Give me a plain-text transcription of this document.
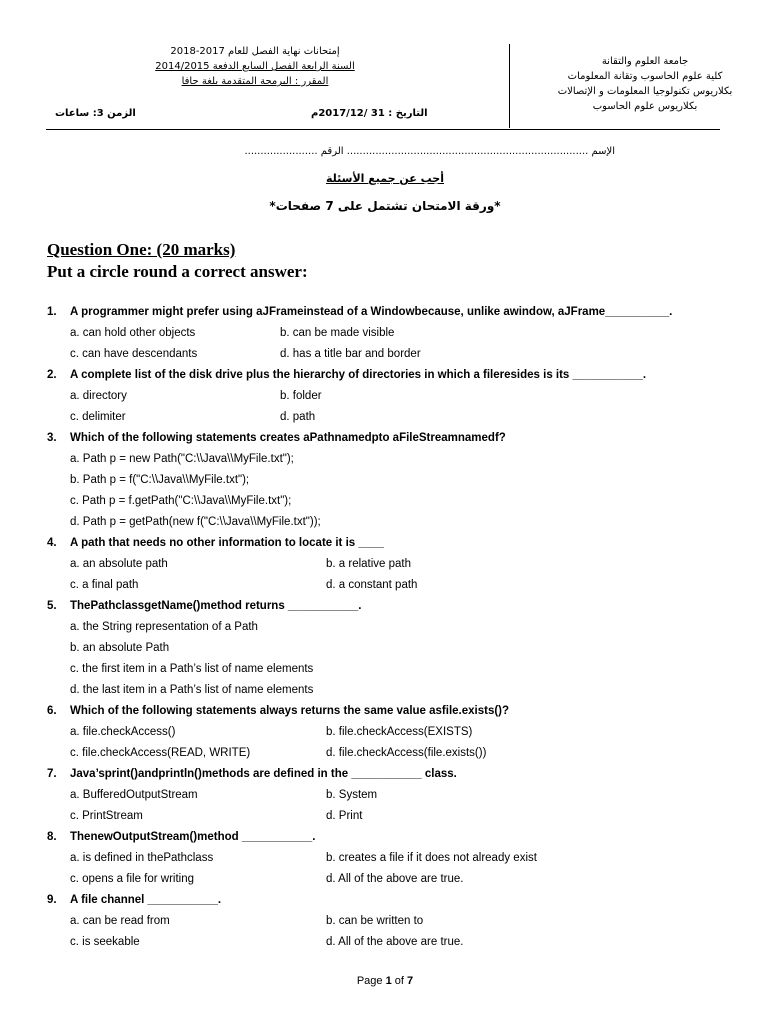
جامعة العلوم والتقانة
كلية علوم الحاسوب وتقانة المعلومات
بكلاريوس تكنولوجيا المعلومات و الإتصالات
بكلاريوس علوم الحاسوب
إمتحانات نهاية الفصل للعام 2017-2018
السنة الرابعة الفصل السابع الدفعة 2014/2015
المقرر : البرمجة المتقدمة بلغة جافا
التاريخ : 31 /2017/12م
الزمن 3: ساعات
الإسم ............................................................................ الرقم .......................
أجب عن جميع الأسئلة
*ورقة الامتحان تشتمل على 7 صفحات*
Question One: (20 marks)
Put a circle round a correct answer:
1. A programmer might prefer using aJFrameinstead of a Windowbecause, unlike awindow, aJFrame__________.
a. can hold other objects	b. can be made visible
c. can have descendants	d. has a title bar and border
2. A complete list of the disk drive plus the hierarchy of directories in which a fileresides is its ___________.
a. directory	b. folder
c. delimiter	d. path
3. Which of the following statements creates aPathnamedpto aFileStreamnamedf?
a. Path p = new Path("C:\\Java\\MyFile.txt");
b. Path p = f("C:\\Java\\MyFile.txt");
c. Path p = f.getPath("C:\\Java\\MyFile.txt");
d. Path p = getPath(new f("C:\\Java\\MyFile.txt"));
4. A path that needs no other information to locate it is ____
a. an absolute path	b. a relative path
c. a final path	d. a constant path
5. ThePathclassgetName()method returns ___________.
a. the String representation of a Path
b. an absolute Path
c. the first item in a Path’s list of name elements
d. the last item in a Path’s list of name elements
6. Which of the following statements always returns the same value asfile.exists()?
a. file.checkAccess()	b. file.checkAccess(EXISTS)
c. file.checkAccess(READ, WRITE)	d. file.checkAccess(file.exists())
7. Java’sprint()andprintln()methods are defined in the ___________ class.
a. BufferedOutputStream	b. System
c. PrintStream	d. Print
8. ThenewOutputStream()method ___________.
a. is defined in thePathclass	b. creates a file if it does not already exist
c. opens a file for writing	d. All of the above are true.
9. A file channel ___________.
a. can be read from	b. can be written to
c. is seekable	d. All of the above are true.
Page 1 of 7
